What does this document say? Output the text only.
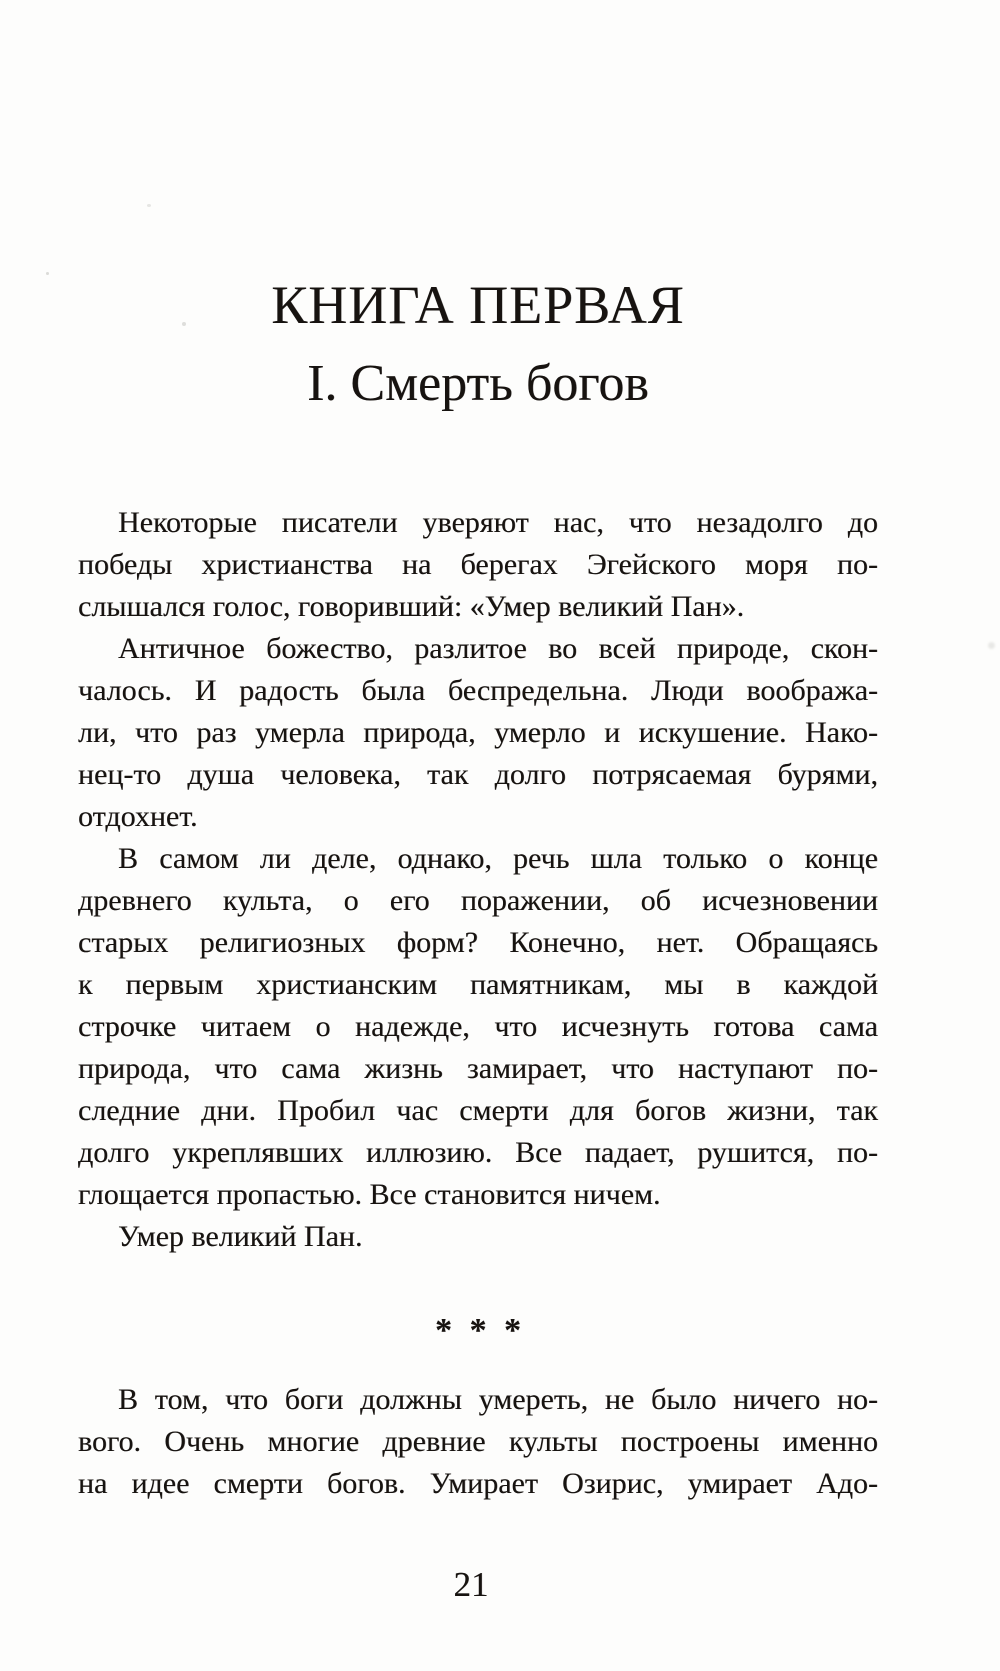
КНИГА ПЕРВАЯ
I. Смерть богов
Некоторые писатели уверяют нас, что незадолго до
победы христианства на берегах Эгейского моря по-
слышался голос, говоривший: «Умер великий Пан».
Античное божество, разлитое во всей природе, скон-
чалось. И радость была беспредельна. Люди вообража-
ли, что раз умерла природа, умерло и искушение. Нако-
нец-то душа человека, так долго потрясаемая бурями,
отдохнет.
В самом ли деле, однако, речь шла только о конце
древнего культа, о его поражении, об исчезновении
старых религиозных форм? Конечно, нет. Обращаясь
к первым христианским памятникам, мы в каждой
строчке читаем о надежде, что исчезнуть готова сама
природа, что сама жизнь замирает, что наступают по-
следние дни. Пробил час смерти для богов жизни, так
долго укреплявших иллюзию. Все падает, рушится, по-
глощается пропастью. Все становится ничем.
Умер великий Пан.
* * *
В том, что боги должны умереть, не было ничего но-
вого. Очень многие древние культы построены именно
на идее смерти богов. Умирает Озирис, умирает Адо-
21
